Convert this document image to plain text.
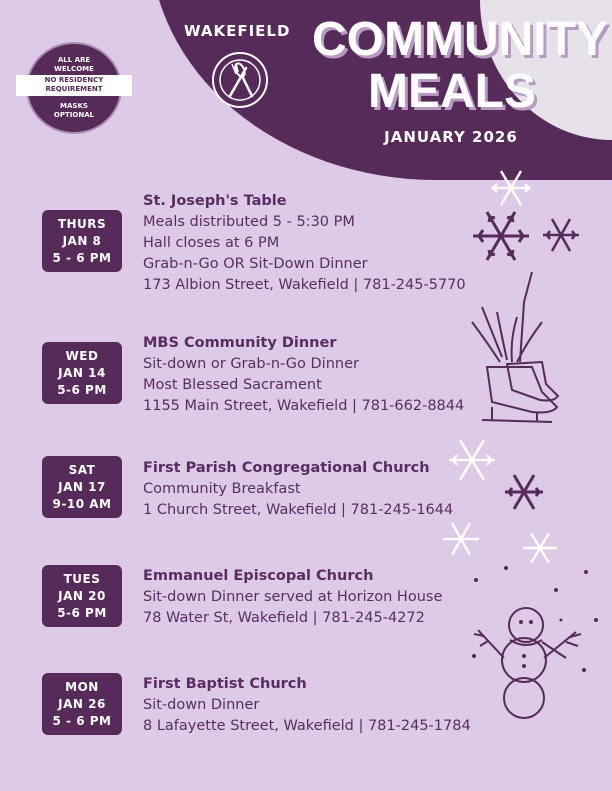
WAKEFIELD COMMUNITY
MEALS
JANUARY 2026
ALL ARE
WELCOME
NO RESIDENCY
REQUIREMENT
MASKS
OPTIONAL
THURS
JAN 8
5 - 6 PM
St. Joseph's Table
Meals distributed 5 - 5:30 PM
Hall closes at 6 PM
Grab-n-Go OR Sit-Down Dinner
173 Albion Street, Wakefield | 781-245-5770
WED
JAN 14
5-6 PM
MBS Community Dinner
Sit-down or Grab-n-Go Dinner
Most Blessed Sacrament
1155 Main Street, Wakefield | 781-662-8844
SAT
JAN 17
9-10 AM
First Parish Congregational Church
Community Breakfast
1 Church Street, Wakefield | 781-245-1644
TUES
JAN 20
5-6 PM
Emmanuel Episcopal Church
Sit-down Dinner served at Horizon House
78 Water St, Wakefield | 781-245-4272
MON
JAN 26
5 - 6 PM
First Baptist Church
Sit-down Dinner
8 Lafayette Street, Wakefield | 781-245-1784
